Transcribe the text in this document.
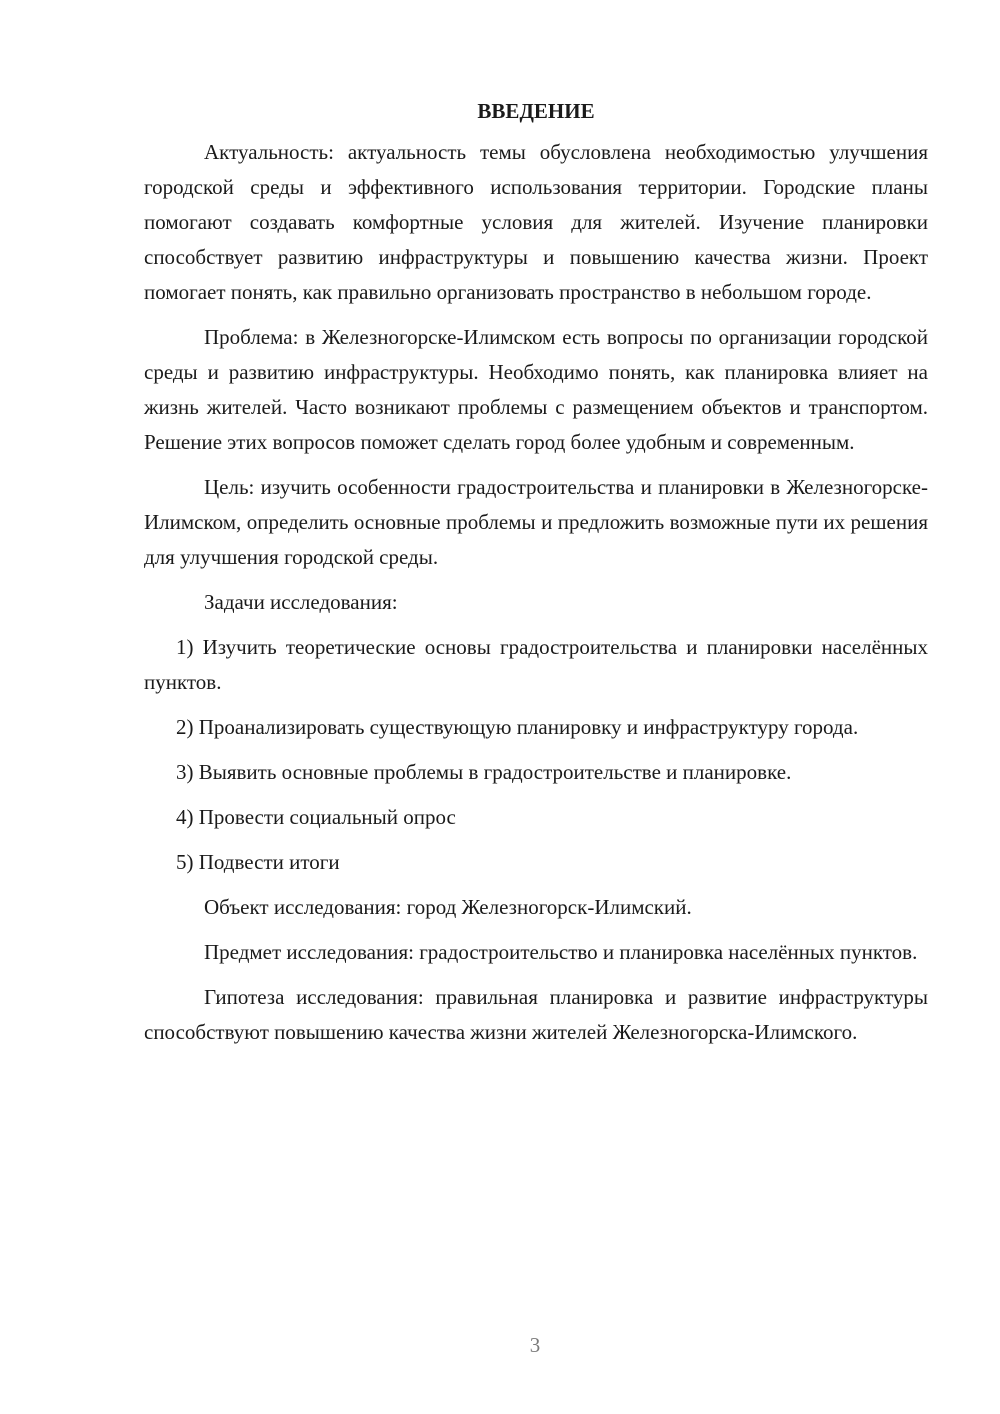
ВВЕДЕНИЕ

Актуальность: актуальность темы обусловлена необходимостью улучшения городской среды и эффективного использования территории. Городские планы помогают создавать комфортные условия для жителей. Изучение планировки способствует развитию инфраструктуры и повышению качества жизни. Проект помогает понять, как правильно организовать пространство в небольшом городе.

Проблема: в Железногорске-Илимском есть вопросы по организации городской среды и развитию инфраструктуры. Необходимо понять, как планировка влияет на жизнь жителей. Часто возникают проблемы с размещением объектов и транспортом. Решение этих вопросов поможет сделать город более удобным и современным.

Цель: изучить особенности градостроительства и планировки в Железногорске-Илимском, определить основные проблемы и предложить возможные пути их решения для улучшения городской среды.

Задачи исследования:

1) Изучить теоретические основы градостроительства и планировки населённых пунктов.

2) Проанализировать существующую планировку и инфраструктуру города.

3) Выявить основные проблемы в градостроительстве и планировке.

4) Провести социальный опрос

5) Подвести итоги

Объект исследования: город Железногорск-Илимский.

Предмет исследования: градостроительство и планировка населённых пунктов.

Гипотеза исследования: правильная планировка и развитие инфраструктуры способствуют повышению качества жизни жителей Железногорска-Илимского.

3
